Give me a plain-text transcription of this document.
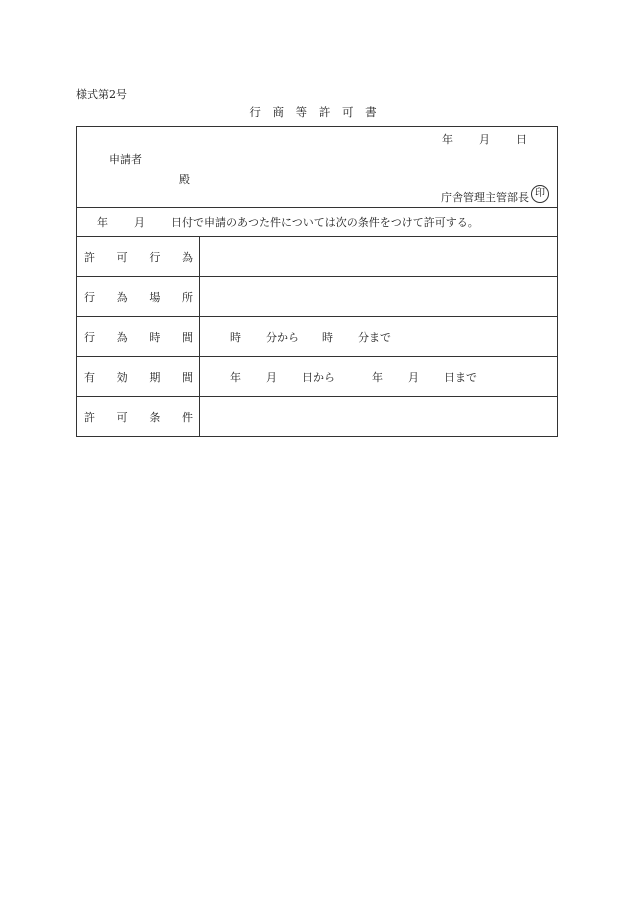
様式第2号
行 商 等 許 可 書
年 月 日
申請者
殿
庁舎管理主管部長 印
年 月 日付で申請のあつた件については次の条件をつけて許可する。
許 可 行 為
行 為 場 所
行 為 時 間	時	分から	時	分まで
有 効 期 間	年	月	日から	年	月	日まで
許 可 条 件
